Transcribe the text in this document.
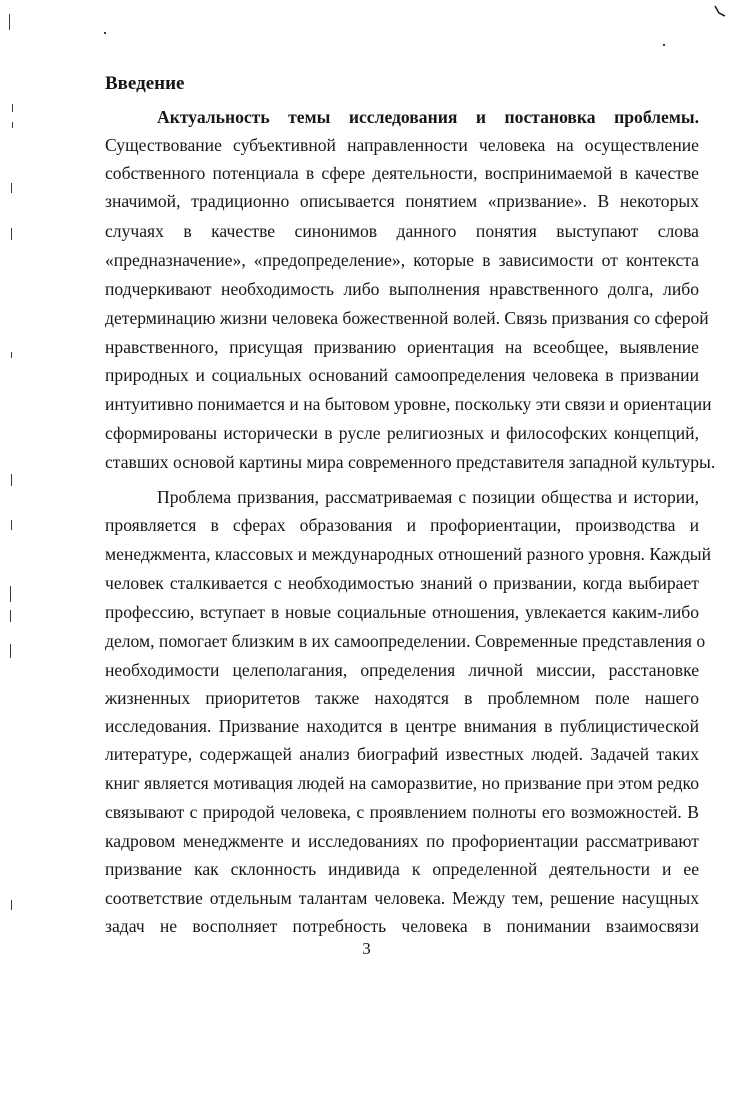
Введение
Актуальность темы исследования и постановка проблемы.
Существование субъективной направленности человека на осуществление
собственного потенциала в сфере деятельности, воспринимаемой в качестве
значимой, традиционно описывается понятием «призвание». В некоторых
случаях в качестве синонимов данного понятия выступают слова
«предназначение», «предопределение», которые в зависимости от контекста
подчеркивают необходимость либо выполнения нравственного долга, либо
детерминацию жизни человека божественной волей. Связь призвания со сферой
нравственного, присущая призванию ориентация на всеобщее, выявление
природных и социальных оснований самоопределения человека в призвании
интуитивно понимается и на бытовом уровне, поскольку эти связи и ориентации
сформированы исторически в русле религиозных и философских концепций,
ставших основой картины мира современного представителя западной культуры.
Проблема призвания, рассматриваемая с позиции общества и истории,
проявляется в сферах образования и профориентации, производства и
менеджмента, классовых и международных отношений разного уровня. Каждый
человек сталкивается с необходимостью знаний о призвании, когда выбирает
профессию, вступает в новые социальные отношения, увлекается каким-либо
делом, помогает близким в их самоопределении. Современные представления о
необходимости целеполагания, определения личной миссии, расстановке
жизненных приоритетов также находятся в проблемном поле нашего
исследования. Призвание находится в центре внимания в публицистической
литературе, содержащей анализ биографий известных людей. Задачей таких
книг является мотивация людей на саморазвитие, но призвание при этом редко
связывают с природой человека, с проявлением полноты его возможностей. В
кадровом менеджменте и исследованиях по профориентации рассматривают
призвание как склонность индивида к определенной деятельности и ее
соответствие отдельным талантам человека. Между тем, решение насущных
задач не восполняет потребность человека в понимании взаимосвязи
3
